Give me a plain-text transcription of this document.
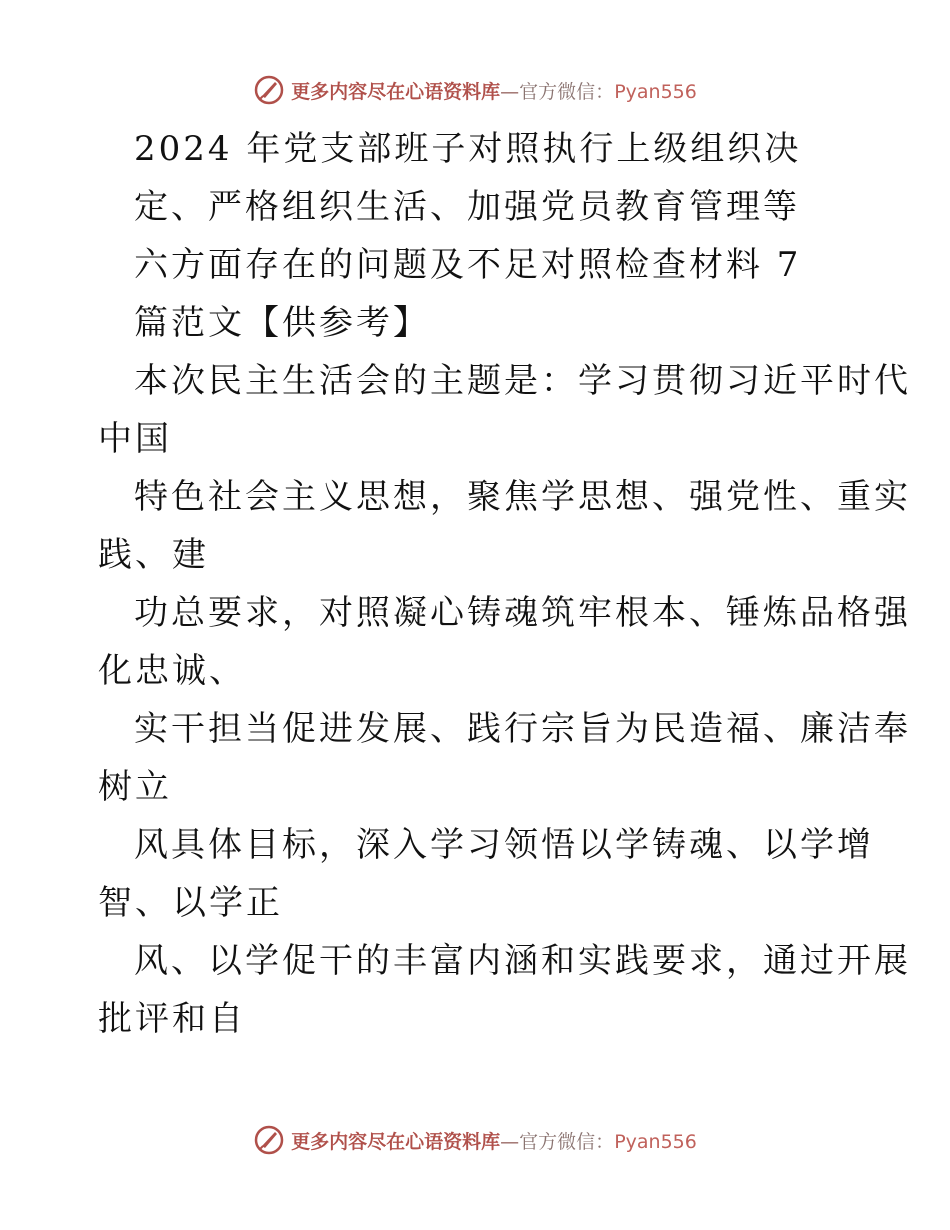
更多内容尽在心语资料库—官方微信：Pyan556
2024 年党支部班子对照执行上级组织决
定、严格组织生活、加强党员教育管理等
六方面存在的问题及不足对照检查材料 7
篇范文【供参考】
本次民主生活会的主题是：学习贯彻习近平时代
中国
特色社会主义思想，聚焦学思想、强党性、重实
践、建
功总要求，对照凝心铸魂筑牢根本、锤炼品格强
化忠诚、
实干担当促进发展、践行宗旨为民造福、廉洁奉
树立
风具体目标，深入学习领悟以学铸魂、以学增
智、以学正
风、以学促干的丰富内涵和实践要求，通过开展
批评和自
更多内容尽在心语资料库—官方微信：Pyan556
